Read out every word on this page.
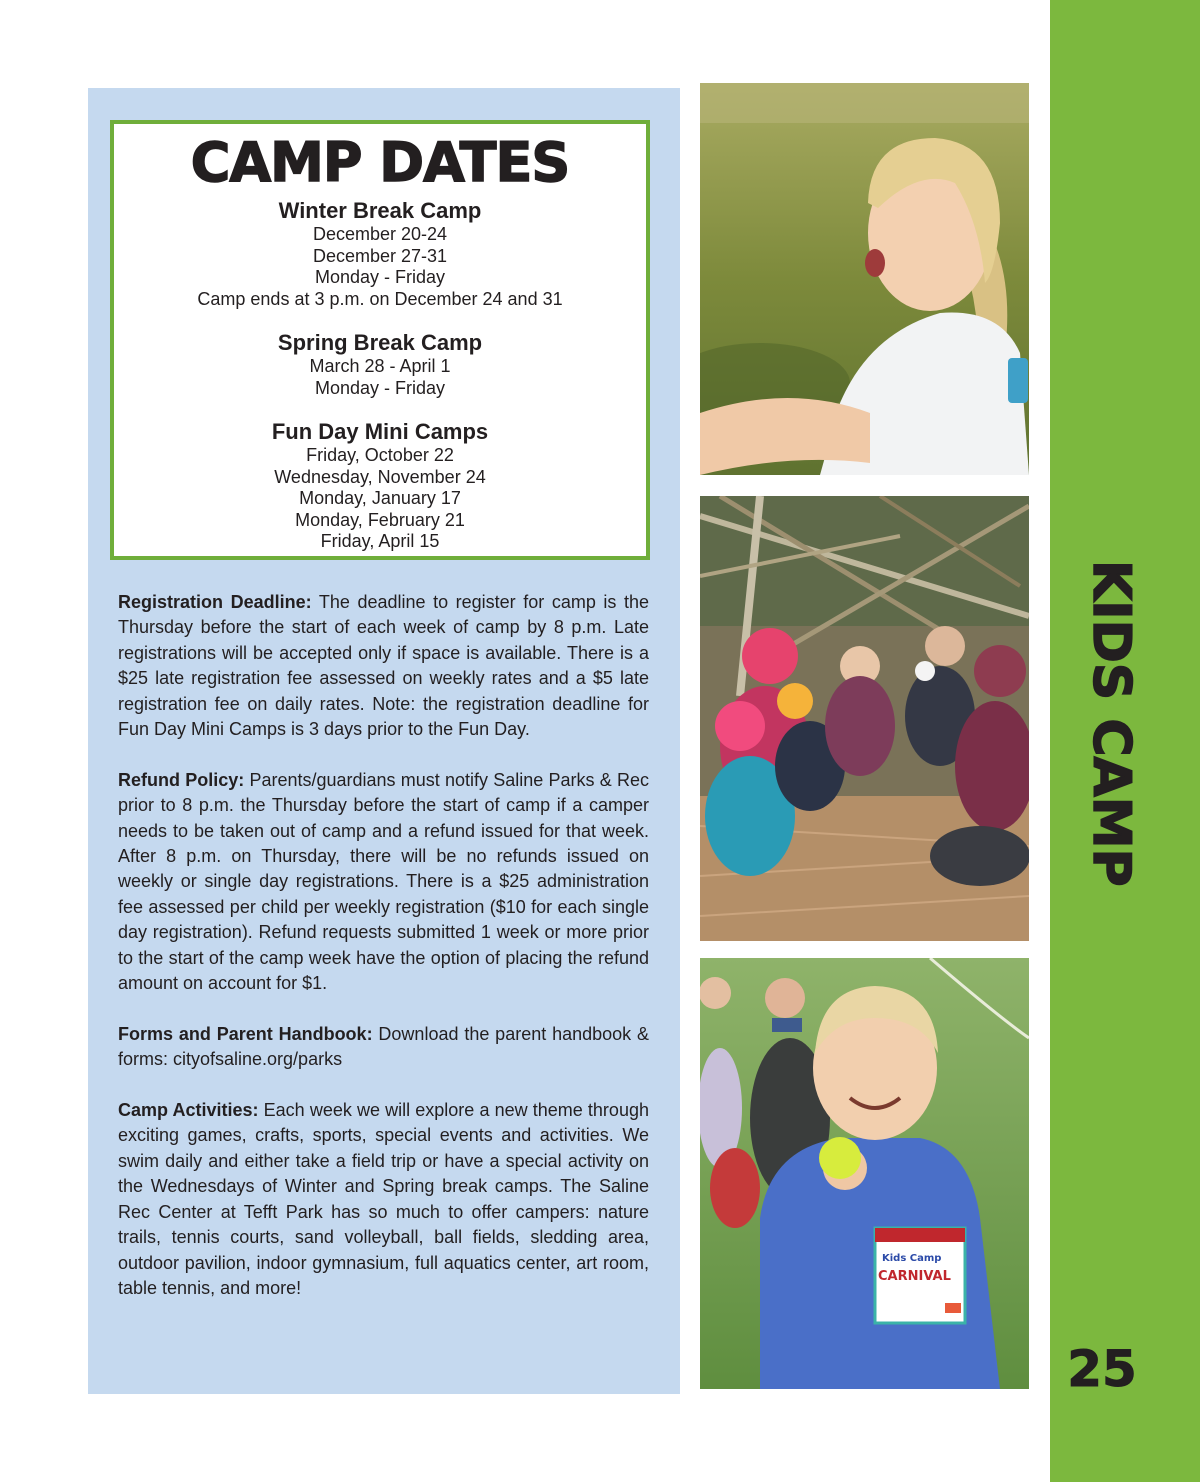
CAMP DATES
Winter Break Camp
December 20-24
December 27-31
Monday - Friday
Camp ends at 3 p.m. on December 24 and 31
Spring Break Camp
March 28 - April 1
Monday - Friday
Fun Day Mini Camps
Friday, October 22
Wednesday, November 24
Monday, January 17
Monday, February 21
Friday, April 15

Registration Deadline: The deadline to register for camp is the Thursday before the start of each week of camp by 8 p.m. Late registrations will be accepted only if space is available. There is a $25 late registration fee assessed on weekly rates and a $5 late registration fee on daily rates. Note: the registration deadline for Fun Day Mini Camps is 3 days prior to the Fun Day.

Refund Policy: Parents/guardians must notify Saline Parks & Rec prior to 8 p.m. the Thursday before the start of camp if a camper needs to be taken out of camp and a refund issued for that week. After 8 p.m. on Thursday, there will be no refunds issued on weekly or single day registrations. There is a $25 administration fee assessed per child per weekly registration ($10 for each single day registration). Refund requests submitted 1 week or more prior to the start of the camp week have the option of placing the refund amount on account for $1.

Forms and Parent Handbook: Download the parent handbook & forms: cityofsaline.org/parks

Camp Activities: Each week we will explore a new theme through exciting games, crafts, sports, special events and activities. We swim daily and either take a field trip or have a special activity on the Wednesdays of Winter and Spring break camps. The Saline Rec Center at Tefft Park has so much to offer campers: nature trails, tennis courts, sand volleyball, ball fields, sledding area, outdoor pavilion, indoor gymnasium, full aquatics center, art room, table tennis, and more!

Kids Camp
CARNIVAL
KIDS CAMP
25
